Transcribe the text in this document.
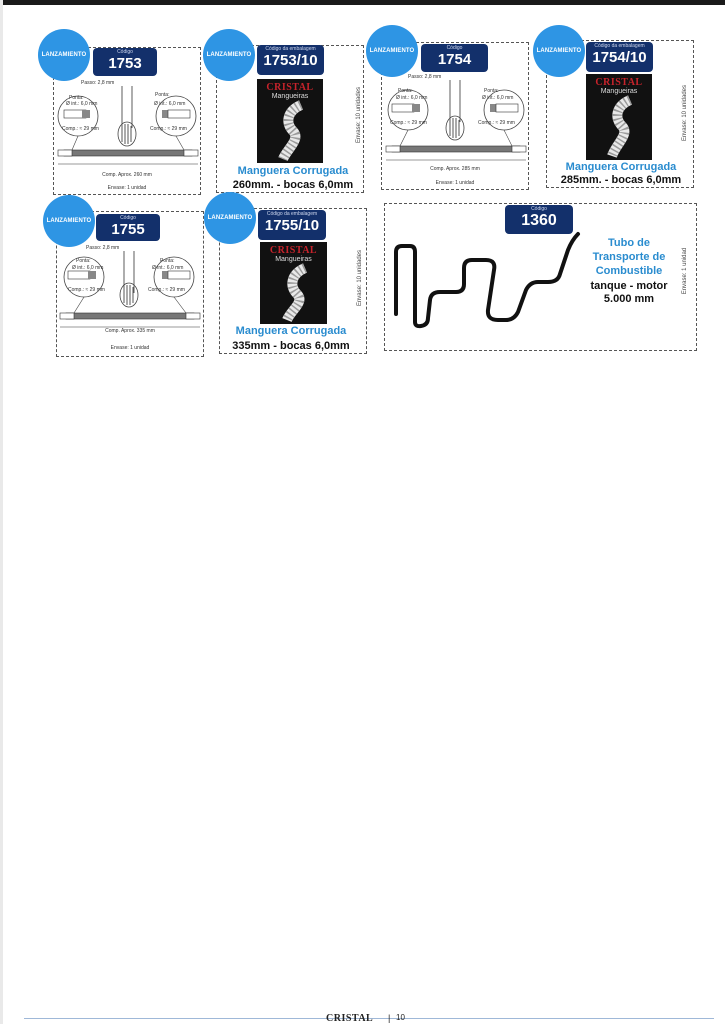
LANZAMIENTO	Código
1753
Passo: 2,8 mm
Ponta:
Ø int.: 6,0 mm
Ponta:
Ø int.: 6,0 mm
Comp.: ≈ 29 mm	Comp.: ≈ 29 mm
Comp. Aprox. 260 mm
Envase: 1 unidad
LANZAMIENTO
Código da embalagem
1753/10
CRISTAL
Mangueiras	Envase: 10 unidades
Manguera Corrugada
260mm. - bocas 6,0mm
LANZAMIENTO	Código
1754
Passo: 2,8 mm
Ponta:
Ø int.: 6,0 mm
Ponta:
Ø int.: 6,0 mm
Comp.: ≈ 29 mm	Comp.: ≈ 29 mm
Comp. Aprox. 285 mm
Envase: 1 unidad
LANZAMIENTO
Código da embalagem
1754/10
CRISTAL
Mangueiras	Envase: 10 unidades
Manguera Corrugada
285mm. - bocas 6,0mm
LANZAMIENTO	Código
1755
Passo: 2,8 mm
Ponta:
Ø int.: 6,0 mm
Ponta:
Ø int.: 6,0 mm
Comp.: ≈ 29 mm	Comp.: ≈ 29 mm
Comp. Aprox. 335 mm
Envase: 1 unidad
LANZAMIENTO
Código da embalagem
1755/10
CRISTAL
Mangueiras	Envase: 10 unidades
Manguera Corrugada
335mm - bocas 6,0mm
Código
1360
Tubo de
Transporte de
Combustible
tanque - motor
5.000 mm
Envase: 1 unidad
CRISTAL | 10
